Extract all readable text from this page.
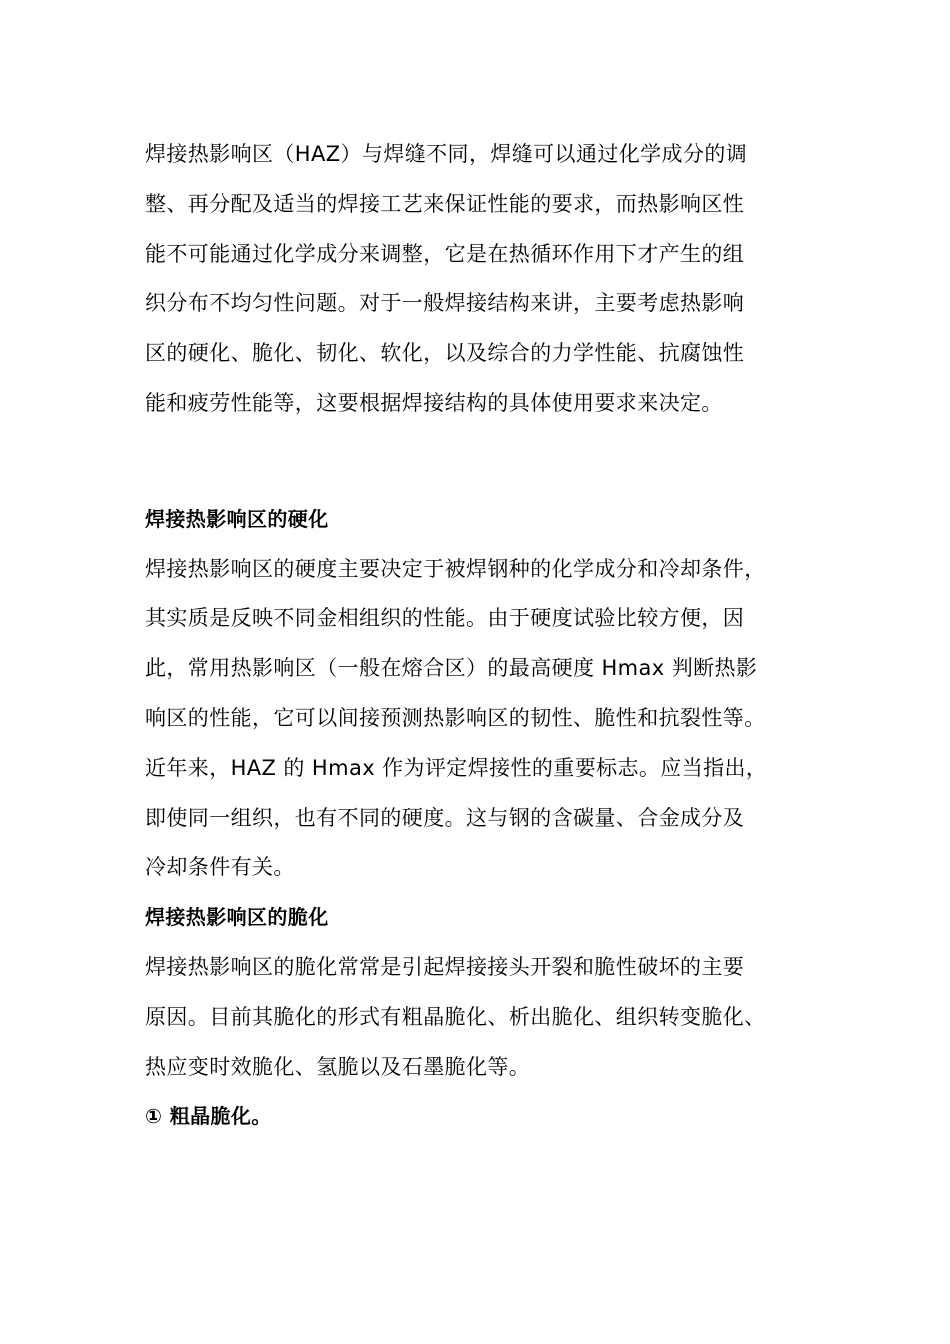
焊接热影响区（HAZ）与焊缝不同，焊缝可以通过化学成分的调
整、再分配及适当的焊接工艺来保证性能的要求，而热影响区性
能不可能通过化学成分来调整，它是在热循环作用下才产生的组
织分布不均匀性问题。对于一般焊接结构来讲，主要考虑热影响
区的硬化、脆化、韧化、软化，以及综合的力学性能、抗腐蚀性
能和疲劳性能等，这要根据焊接结构的具体使用要求来决定。
焊接热影响区的硬化
焊接热影响区的硬度主要决定于被焊钢种的化学成分和冷却条件，
其实质是反映不同金相组织的性能。由于硬度试验比较方便，因
此，常用热影响区（一般在熔合区）的最高硬度 Hmax 判断热影
响区的性能，它可以间接预测热影响区的韧性、脆性和抗裂性等。
近年来，HAZ 的 Hmax 作为评定焊接性的重要标志。应当指出，
即使同一组织，也有不同的硬度。这与钢的含碳量、合金成分及
冷却条件有关。
焊接热影响区的脆化
焊接热影响区的脆化常常是引起焊接接头开裂和脆性破坏的主要
原因。目前其脆化的形式有粗晶脆化、析出脆化、组织转变脆化、
热应变时效脆化、氢脆以及石墨脆化等。
① 粗晶脆化。
